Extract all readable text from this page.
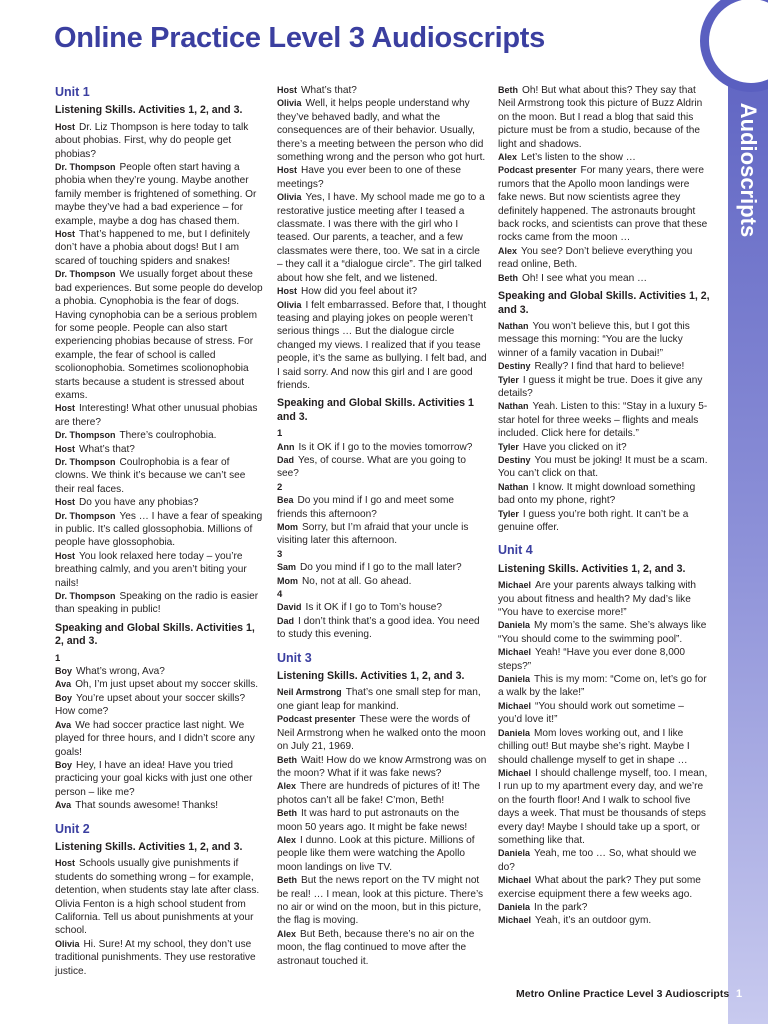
Online Practice Level 3 Audioscripts
Audioscripts
Unit 1
Listening Skills. Activities 1, 2, and 3.

Host Dr. Liz Thompson is here today to talk about phobias. First, why do people get phobias?

Dr. Thompson People often start having a phobia when they’re young. Maybe another family member is frightened of something. Or maybe they’ve had a bad experience – for example, maybe a dog has chased them.

Host That’s happened to me, but I definitely don’t have a phobia about dogs! But I am scared of touching spiders and snakes!

Dr. Thompson We usually forget about these bad experiences. But some people do develop a phobia. Cynophobia is the fear of dogs. Having cynophobia can be a serious problem for some people. People can also start experiencing phobias because of stress. For example, the fear of school is called scolionophobia. Sometimes scolionophobia starts because a student is stressed about exams.

Host Interesting! What other unusual phobias are there?

Dr. Thompson There’s coulrophobia.

Host What’s that?

Dr. Thompson Coulrophobia is a fear of clowns. We think it’s because we can’t see their real faces.

Host Do you have any phobias?

Dr. Thompson Yes … I have a fear of speaking in public. It’s called glossophobia. Millions of people have glossophobia.

Host You look relaxed here today – you’re breathing calmly, and you aren’t biting your nails!

Dr. Thompson Speaking on the radio is easier than speaking in public!

Speaking and Global Skills. Activities 1, 2, and 3.
1

Boy What’s wrong, Ava?

Ava Oh, I’m just upset about my soccer skills.

Boy You’re upset about your soccer skills? How come?

Ava We had soccer practice last night. We played for three hours, and I didn’t score any goals!

Boy Hey, I have an idea! Have you tried practicing your goal kicks with just one other person – like me?

Ava That sounds awesome! Thanks!

Unit 2
Listening Skills. Activities 1, 2, and 3.

Host Schools usually give punishments if students do something wrong – for example, detention, when students stay late after class. Olivia Fenton is a high school student from California. Tell us about punishments at your school.

Olivia Hi. Sure! At my school, they don’t use traditional punishments. They use restorative justice.

Host What’s that?

Olivia Well, it helps people understand why they’ve behaved badly, and what the consequences are of their behavior. Usually, there’s a meeting between the person who did something wrong and the person who got hurt.

Host Have you ever been to one of these meetings?

Olivia Yes, I have. My school made me go to a restorative justice meeting after I teased a classmate. I was there with the girl who I teased. Our parents, a teacher, and a few classmates were there, too. We sat in a circle – they call it a “dialogue circle”. The girl talked about how she felt, and we listened.

Host How did you feel about it?

Olivia I felt embarrassed. Before that, I thought teasing and playing jokes on people weren’t serious things … But the dialogue circle changed my views. I realized that if you tease people, it’s the same as bullying. I felt bad, and I said sorry. And now this girl and I are good friends.

Speaking and Global Skills. Activities 1 and 3.
1

Ann Is it OK if I go to the movies tomorrow?

Dad Yes, of course. What are you going to see?

2

Bea Do you mind if I go and meet some friends this afternoon?

Mom Sorry, but I’m afraid that your uncle is visiting later this afternoon.

3

Sam Do you mind if I go to the mall later?

Mom No, not at all. Go ahead.

4

David Is it OK if I go to Tom’s house?

Dad I don’t think that’s a good idea. You need to study this evening.

Unit 3
Listening Skills. Activities 1, 2, and 3.

Neil Armstrong That’s one small step for man, one giant leap for mankind.

Podcast presenter These were the words of Neil Armstrong when he walked onto the moon on July 21, 1969.

Beth Wait! How do we know Armstrong was on the moon? What if it was fake news?

Alex There are hundreds of pictures of it! The photos can’t all be fake! C’mon, Beth!

Beth It was hard to put astronauts on the moon 50 years ago. It might be fake news!

Alex I dunno. Look at this picture. Millions of people like them were watching the Apollo moon landings on live TV.

Beth But the news report on the TV might not be real! … I mean, look at this picture. There’s no air or wind on the moon, but in this picture, the flag is moving.

Alex But Beth, because there’s no air on the moon, the flag continued to move after the astronaut touched it.

Beth Oh! But what about this? They say that Neil Armstrong took this picture of Buzz Aldrin on the moon. But I read a blog that said this picture must be from a studio, because of the light and shadows.

Alex Let’s listen to the show …

Podcast presenter For many years, there were rumors that the Apollo moon landings were fake news. But now scientists agree they definitely happened. The astronauts brought back rocks, and scientists can prove that these rocks came from the moon …

Alex You see? Don’t believe everything you read online, Beth.

Beth Oh! I see what you mean …

Speaking and Global Skills. Activities 1, 2, and 3.

Nathan You won’t believe this, but I got this message this morning: “You are the lucky winner of a family vacation in Dubai!”

Destiny Really? I find that hard to believe!

Tyler I guess it might be true. Does it give any details?

Nathan Yeah. Listen to this: “Stay in a luxury 5-star hotel for three weeks – flights and meals included. Click here for details.”

Tyler Have you clicked on it?

Destiny You must be joking! It must be a scam. You can’t click on that.

Nathan I know. It might download something bad onto my phone, right?

Tyler I guess you’re both right. It can’t be a genuine offer.

Unit 4
Listening Skills. Activities 1, 2, and 3.

Michael Are your parents always talking with you about fitness and health? My dad’s like “You have to exercise more!”

Daniela My mom’s the same. She’s always like “You should come to the swimming pool”.

Michael Yeah! “Have you ever done 8,000 steps?”

Daniela This is my mom: “Come on, let’s go for a walk by the lake!”

Michael “You should work out sometime – you’d love it!”

Daniela Mom loves working out, and I like chilling out! But maybe she’s right. Maybe I should challenge myself to get in shape …

Michael I should challenge myself, too. I mean, I run up to my apartment every day, and we’re on the fourth floor! And I walk to school five days a week. That must be thousands of steps every day! Maybe I should take up a sport, or something like that.

Daniela Yeah, me too … So, what should we do?

Michael What about the park? They put some exercise equipment there a few weeks ago.

Daniela In the park?

Michael Yeah, it’s an outdoor gym.

Metro Online Practice Level 3 Audioscripts 1
